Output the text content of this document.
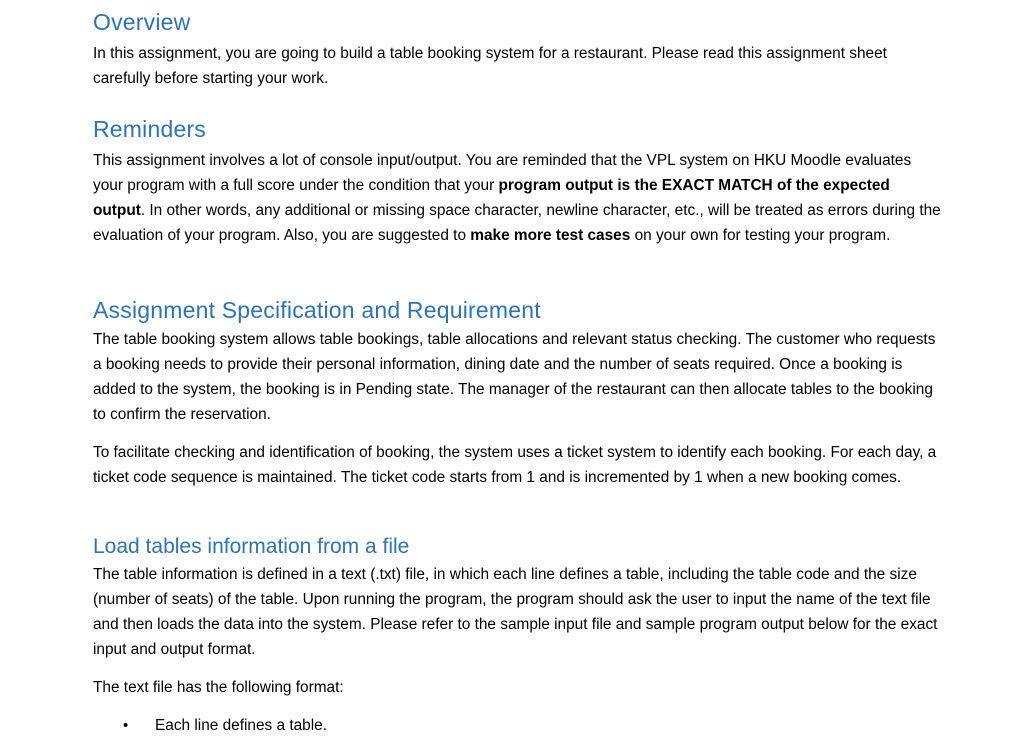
Overview

In this assignment, you are going to build a table booking system for a restaurant. Please read this assignment sheet carefully before starting your work.

Reminders

This assignment involves a lot of console input/output. You are reminded that the VPL system on HKU Moodle evaluates your program with a full score under the condition that your program output is the EXACT MATCH of the expected output. In other words, any additional or missing space character, newline character, etc., will be treated as errors during the evaluation of your program. Also, you are suggested to make more test cases on your own for testing your program.

Assignment Specification and Requirement

The table booking system allows table bookings, table allocations and relevant status checking. The customer who requests a booking needs to provide their personal information, dining date and the number of seats required. Once a booking is added to the system, the booking is in Pending state. The manager of the restaurant can then allocate tables to the booking to confirm the reservation.

To facilitate checking and identification of booking, the system uses a ticket system to identify each booking. For each day, a ticket code sequence is maintained. The ticket code starts from 1 and is incremented by 1 when a new booking comes.

Load tables information from a file

The table information is defined in a text (.txt) file, in which each line defines a table, including the table code and the size (number of seats) of the table. Upon running the program, the program should ask the user to input the name of the text file and then loads the data into the system. Please refer to the sample input file and sample program output below for the exact input and output format.

The text file has the following format:

• Each line defines a table.
